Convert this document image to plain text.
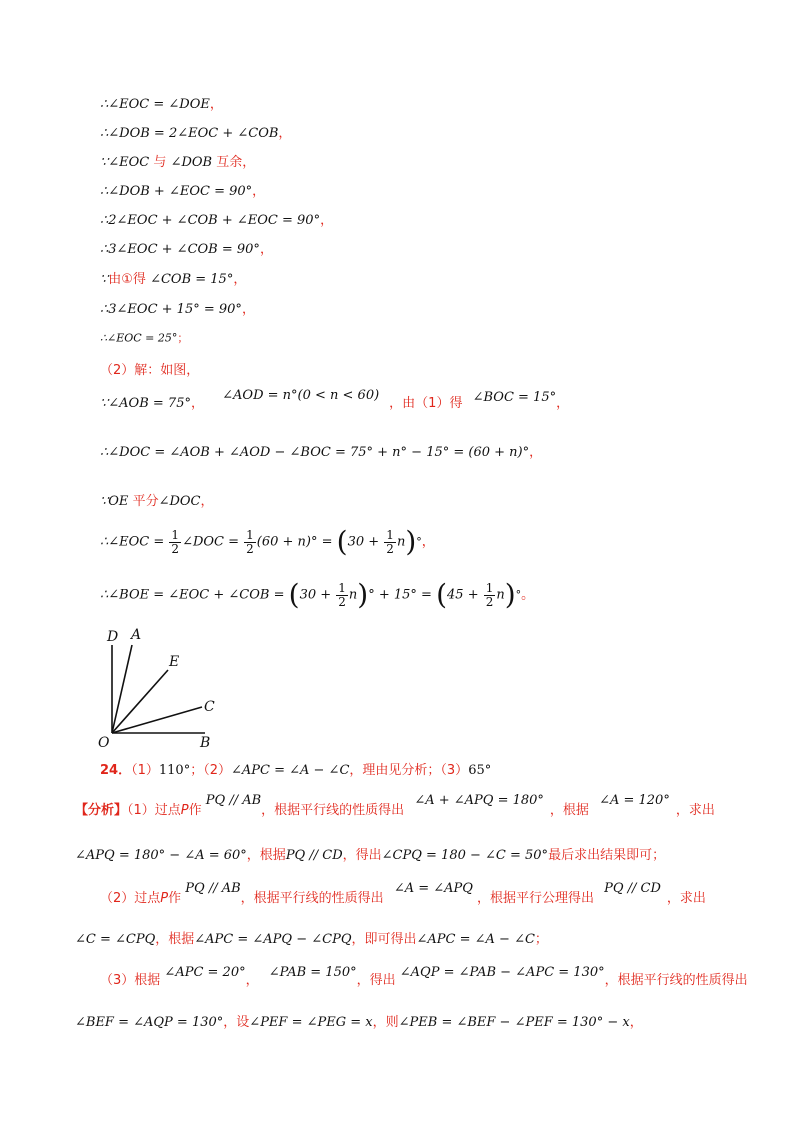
∴∠EOC = ∠DOE，
∴∠DOB = 2∠EOC + ∠COB，
∵∠EOC 与 ∠DOB 互余，
∴∠DOB + ∠EOC = 90°，
∴2∠EOC + ∠COB + ∠EOC = 90°，
∴3∠EOC + ∠COB = 90°，
∵由①得 ∠COB = 15°，
∴3∠EOC + 15° = 90°，
∴∠EOC = 25°；
（2）解：如图，
∵∠AOB = 75°， ∠AOD = n°(0 < n < 60)，由（1）得 ∠BOC = 15°，
∴∠DOC = ∠AOB + ∠AOD − ∠BOC = 75° + n° − 15° = (60 + n)°，
∵OE 平分∠DOC，
∴∠EOC = $\frac{1}{2}$ ∠DOC = $\frac{1}{2} (60 + n)^\circ = (30 + \frac{1}{2} n)^\circ$，
∴∠BOE = ∠EOC + ∠COB = $(30 + \frac{1}{2} n)^\circ + 15^\circ = (45 + \frac{1}{2} n)^\circ$。
D A
E
C
O	B
24．（1）110°；（2）∠APC = ∠A − ∠C，理由见分析；（3）65°
【分析】（1）过点P作 PQ // AB，根据平行线的性质得出 ∠A + ∠APQ = 180°，根据 ∠A = 120°，求出
∠APQ = 180° − ∠A = 60°，根据PQ // CD，得出∠CPQ = 180 − ∠C = 50°最后求出结果即可；
（2）过点P作 PQ // AB，根据平行线的性质得出 ∠A = ∠APQ，根据平行公理得出 PQ // CD，求出
∠C = ∠CPQ，根据∠APC = ∠APQ − ∠CPQ，即可得出∠APC = ∠A − ∠C；
（3）根据 ∠APC = 20°， ∠PAB = 150°，得出 ∠AQP = ∠PAB − ∠APC = 130°，根据平行线的性质得出
∠BEF = ∠AQP = 130°，设∠PEF = ∠PEG = x，则∠PEB = ∠BEF − ∠PEF = 130° − x，
